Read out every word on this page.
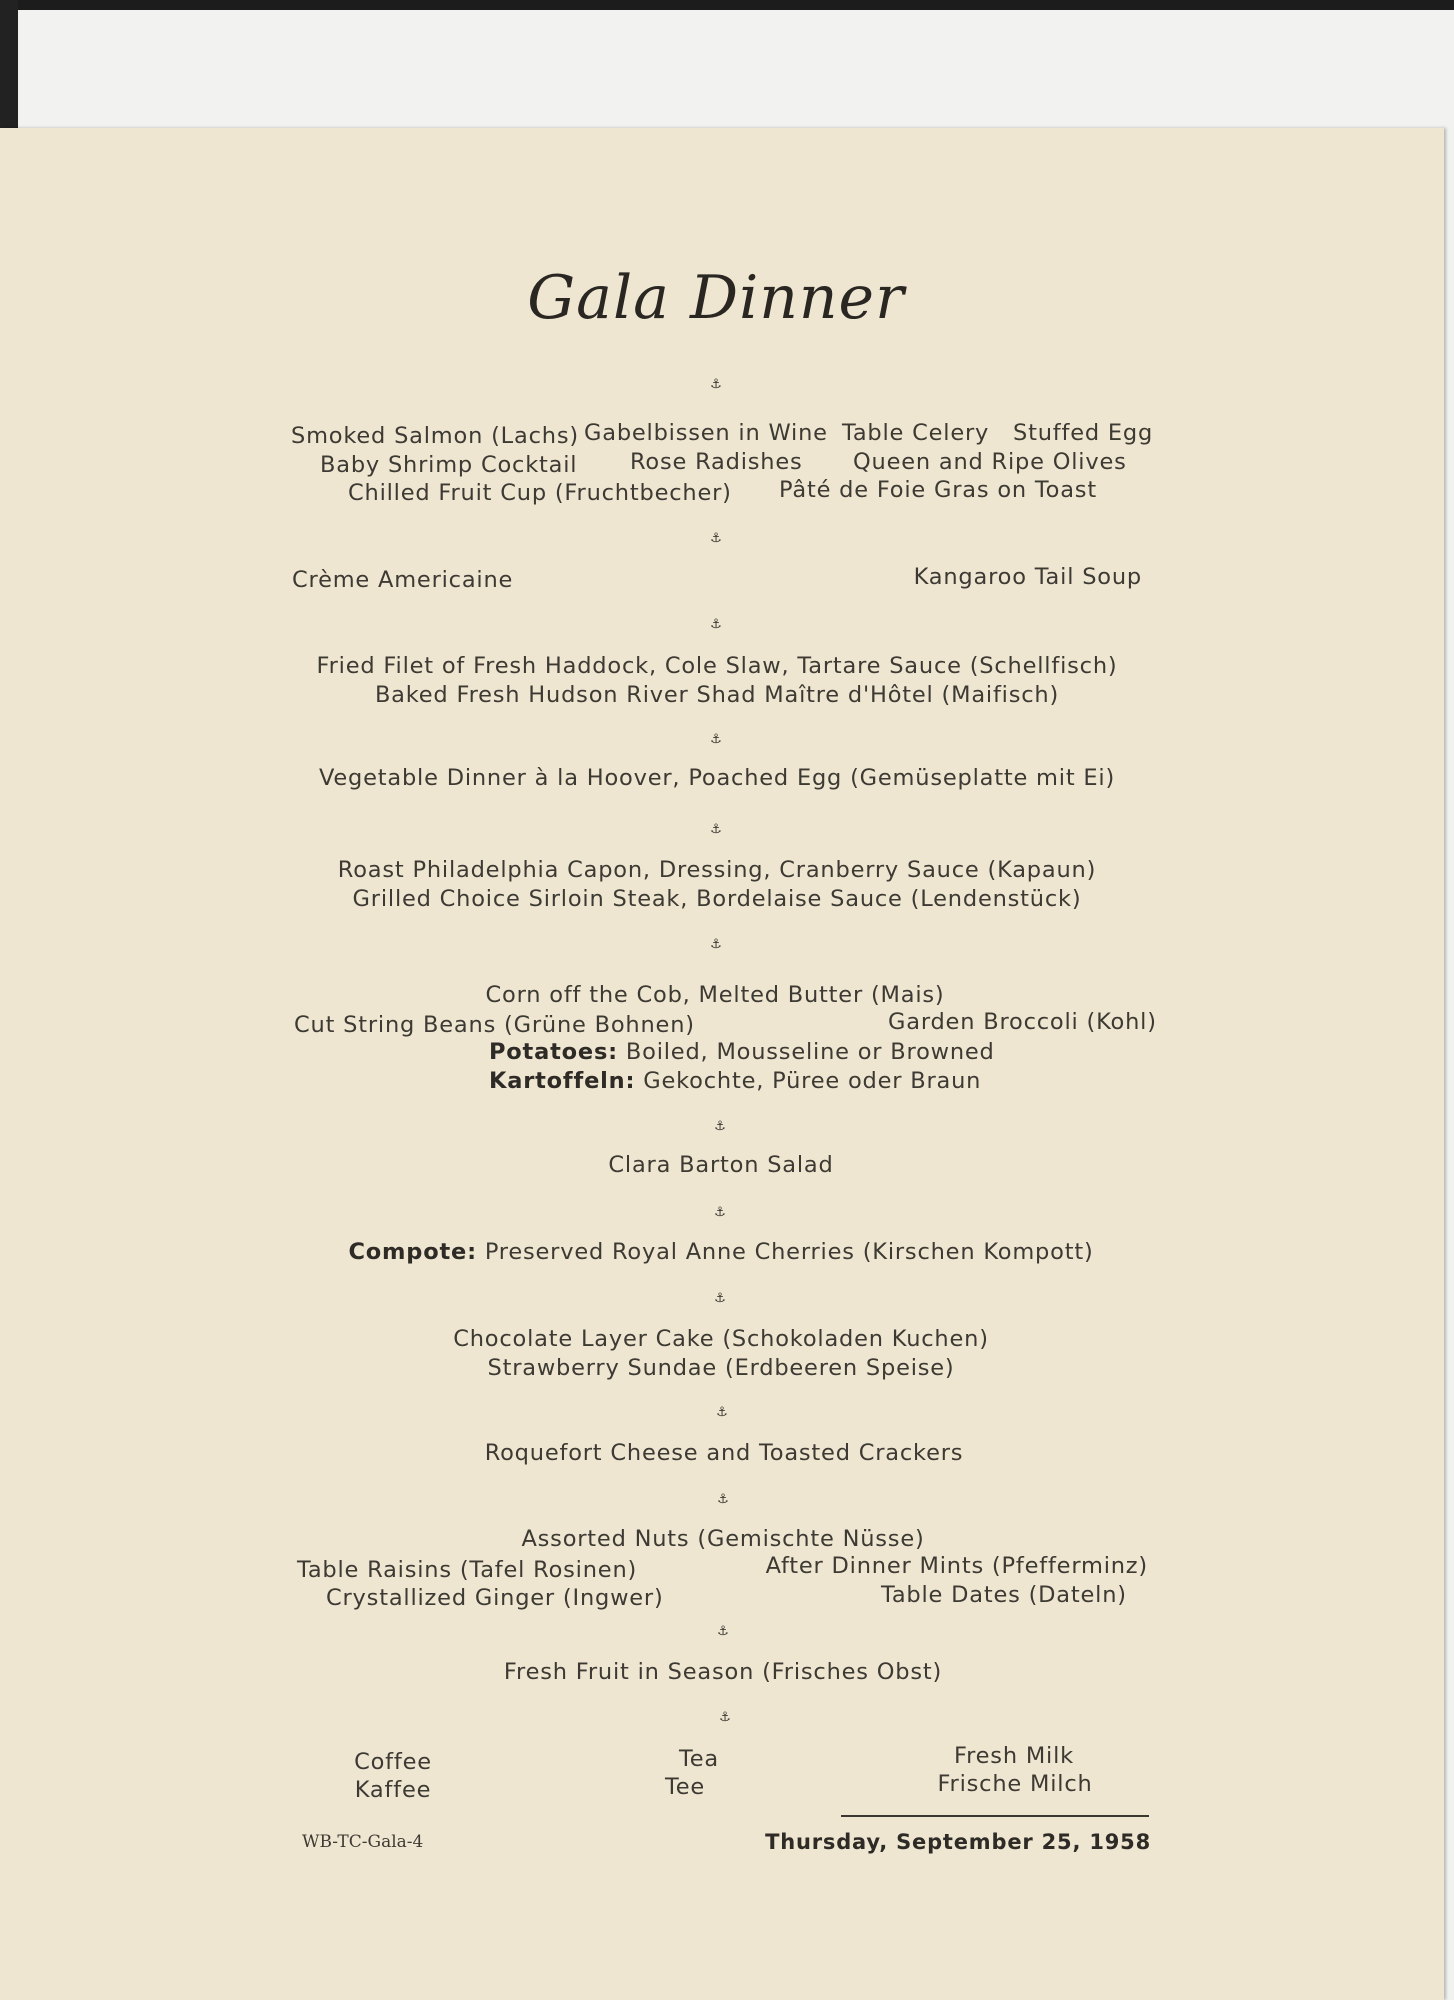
Gala Dinner
⚓
Smoked Salmon (Lachs) Gabelbissen in Wine Table Celery Stuffed Egg
Baby Shrimp Cocktail Rose Radishes Queen and Ripe Olives
Chilled Fruit Cup (Fruchtbecher) Pâté de Foie Gras on Toast
⚓
Crème Americaine	Kangaroo Tail Soup
⚓
Fried Filet of Fresh Haddock, Cole Slaw, Tartare Sauce (Schellfisch)
Baked Fresh Hudson River Shad Maître d'Hôtel (Maifisch)
⚓
Vegetable Dinner à la Hoover, Poached Egg (Gemüseplatte mit Ei)
⚓
Roast Philadelphia Capon, Dressing, Cranberry Sauce (Kapaun)
Grilled Choice Sirloin Steak, Bordelaise Sauce (Lendenstück)
⚓
Corn off the Cob, Melted Butter (Mais)
Cut String Beans (Grüne Bohnen)	Garden Broccoli (Kohl)
Potatoes: Boiled, Mousseline or Browned
Kartoffeln: Gekochte, Püree oder Braun
⚓
Clara Barton Salad
⚓
Compote: Preserved Royal Anne Cherries (Kirschen Kompott)
⚓
Chocolate Layer Cake (Schokoladen Kuchen)
Strawberry Sundae (Erdbeeren Speise)
⚓
Roquefort Cheese and Toasted Crackers
⚓
Assorted Nuts (Gemischte Nüsse)
Table Raisins (Tafel Rosinen)	After Dinner Mints (Pfefferminz)
Crystallized Ginger (Ingwer)	Table Dates (Dateln)
⚓
Fresh Fruit in Season (Frisches Obst)
⚓
Coffee
Kaffee
Tea
Tee
Fresh Milk
Frische Milch
WB-TC-Gala-4	Thursday, September 25, 1958
